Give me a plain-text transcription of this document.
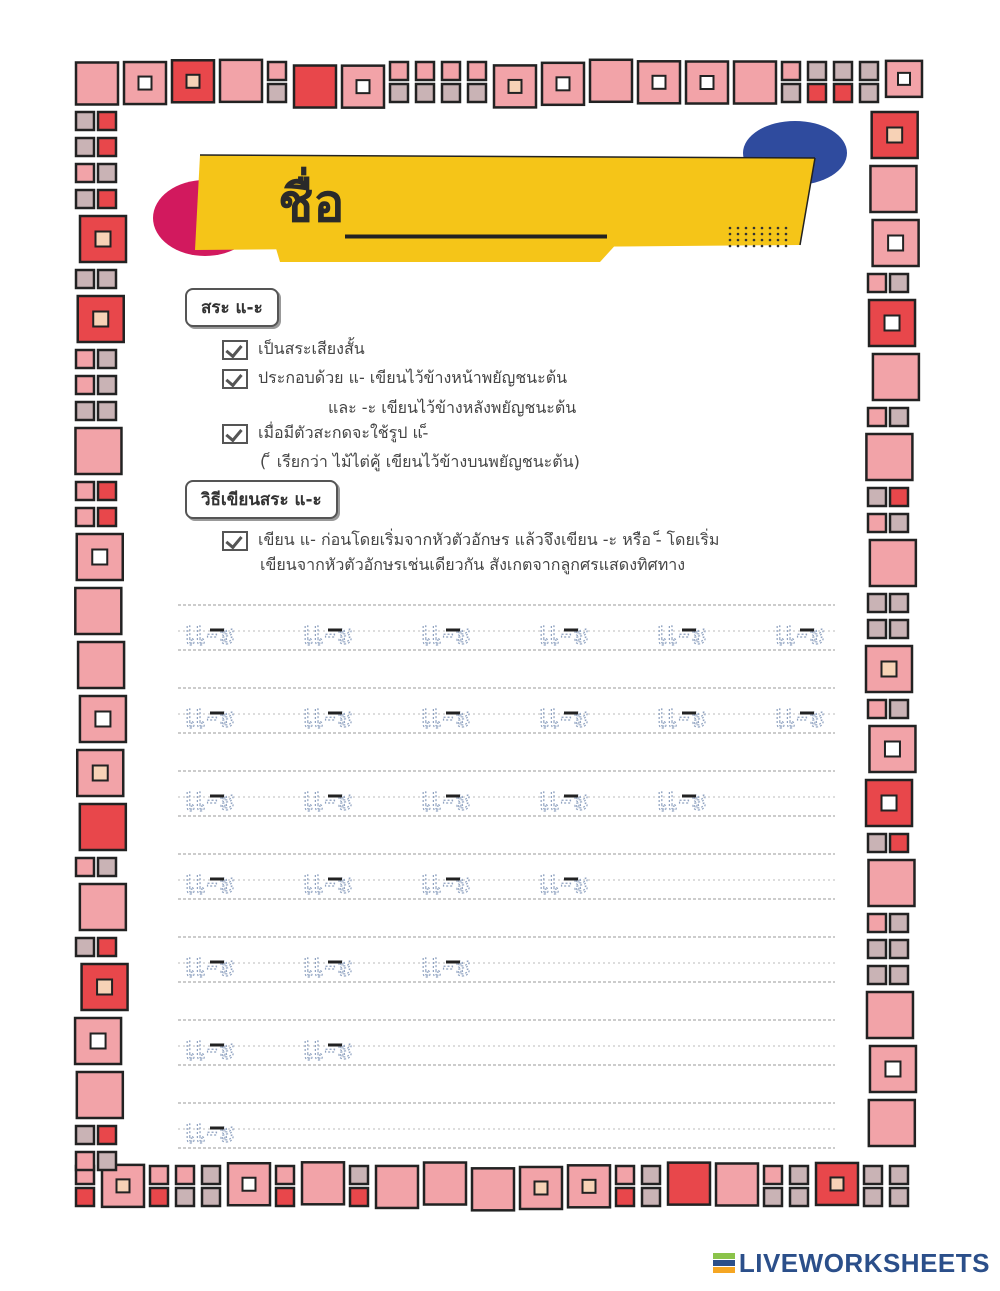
ชื่อ _____________
สระ แ-ะ
เป็นสระเสียงสั้น
ประกอบด้วย แ- เขียนไว้ข้างหน้าพยัญชนะต้น
และ -ะ เขียนไว้ข้างหลังพยัญชนะต้น
เมื่อมีตัวสะกดจะใช้รูป แ-็
( ็ เรียกว่า ไม้ไต่คู้ เขียนไว้ข้างบนพยัญชนะต้น)
วิธีเขียนสระ แ-ะ
เขียน แ- ก่อนโดยเริ่มจากหัวตัวอักษร แล้วจึงเขียน -ะ หรือ -็ โดยเริ่ม
เขียนจากหัวตัวอักษรเช่นเดียวกัน สังเกตจากลูกศรแสดงทิศทาง
แ-ะ แ-ะ แ-ะ แ-ะ แ-ะ แ-ะ
แ-ะ แ-ะ แ-ะ แ-ะ แ-ะ แ-ะ
แ-ะ แ-ะ แ-ะ แ-ะ แ-ะ
แ-ะ แ-ะ แ-ะ แ-ะ
แ-ะ แ-ะ แ-ะ
แ-ะ แ-ะ
แ-ะ
LIVEWORKSHEETS
